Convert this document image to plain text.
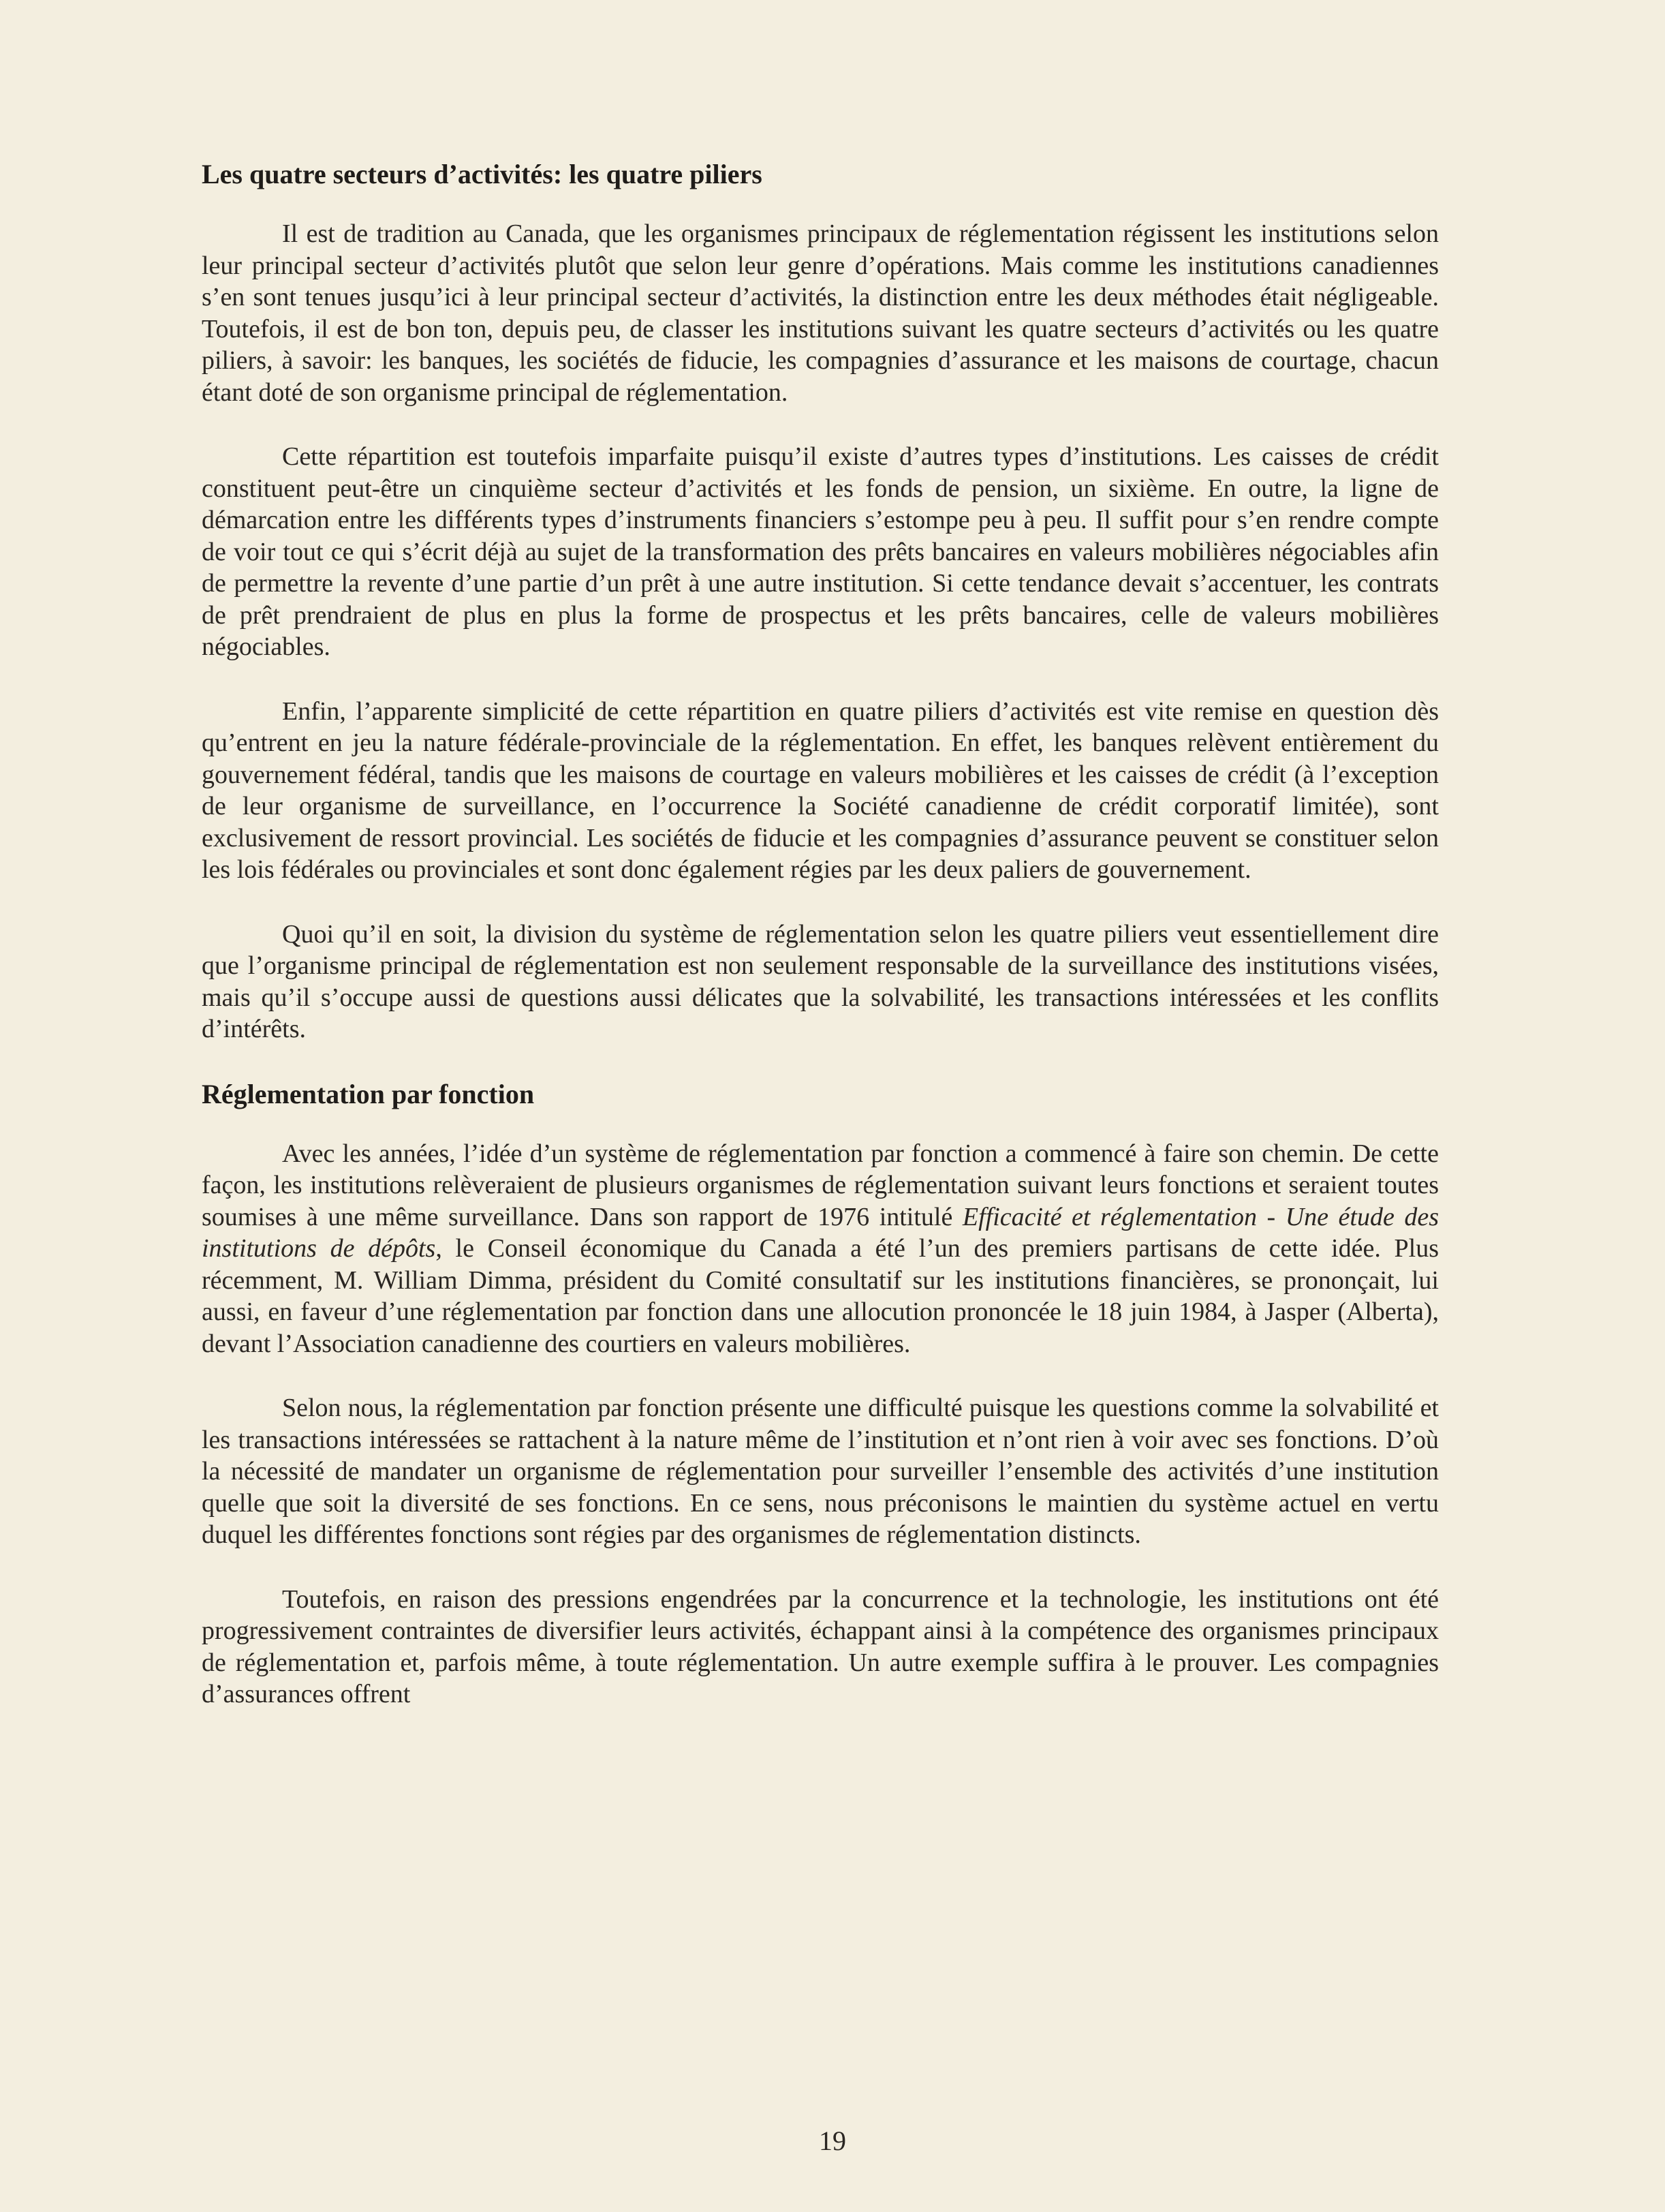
Les quatre secteurs d’activités: les quatre piliers

Il est de tradition au Canada, que les organismes principaux de réglementation régissent les institutions selon leur principal secteur d’activités plutôt que selon leur genre d’opérations. Mais comme les institutions canadiennes s’en sont tenues jusqu’ici à leur principal secteur d’activités, la distinction entre les deux méthodes était négligeable. Toutefois, il est de bon ton, depuis peu, de classer les institutions suivant les quatre secteurs d’activités ou les quatre piliers, à savoir: les banques, les sociétés de fiducie, les compagnies d’assurance et les maisons de courtage, chacun étant doté de son organisme principal de réglementation.

Cette répartition est toutefois imparfaite puisqu’il existe d’autres types d’institutions. Les caisses de crédit constituent peut-être un cinquième secteur d’activités et les fonds de pension, un sixième. En outre, la ligne de démarcation entre les différents types d’instruments financiers s’estompe peu à peu. Il suffit pour s’en rendre compte de voir tout ce qui s’écrit déjà au sujet de la transformation des prêts bancaires en valeurs mobilières négociables afin de permettre la revente d’une partie d’un prêt à une autre institution. Si cette tendance devait s’accentuer, les contrats de prêt prendraient de plus en plus la forme de prospectus et les prêts bancaires, celle de valeurs mobilières négociables.

Enfin, l’apparente simplicité de cette répartition en quatre piliers d’activités est vite remise en question dès qu’entrent en jeu la nature fédérale-provinciale de la réglementation. En effet, les banques relèvent entièrement du gouvernement fédéral, tandis que les maisons de courtage en valeurs mobilières et les caisses de crédit (à l’exception de leur organisme de surveillance, en l’occurrence la Société canadienne de crédit corporatif limitée), sont exclusivement de ressort provincial. Les sociétés de fiducie et les compagnies d’assurance peuvent se constituer selon les lois fédérales ou provinciales et sont donc également régies par les deux paliers de gouvernement.

Quoi qu’il en soit, la division du système de réglementation selon les quatre piliers veut essentiellement dire que l’organisme principal de réglementation est non seulement responsable de la surveillance des institutions visées, mais qu’il s’occupe aussi de questions aussi délicates que la solvabilité, les transactions intéressées et les conflits d’intérêts.

Réglementation par fonction

Avec les années, l’idée d’un système de réglementation par fonction a commencé à faire son chemin. De cette façon, les institutions relèveraient de plusieurs organismes de réglementation suivant leurs fonctions et seraient toutes soumises à une même surveillance. Dans son rapport de 1976 intitulé Efficacité et réglementation - Une étude des institutions de dépôts, le Conseil économique du Canada a été l’un des premiers partisans de cette idée. Plus récemment, M. William Dimma, président du Comité consultatif sur les institutions financières, se prononçait, lui aussi, en faveur d’une réglementation par fonction dans une allocution prononcée le 18 juin 1984, à Jasper (Alberta), devant l’Association canadienne des courtiers en valeurs mobilières.

Selon nous, la réglementation par fonction présente une difficulté puisque les questions comme la solvabilité et les transactions intéressées se rattachent à la nature même de l’institution et n’ont rien à voir avec ses fonctions. D’où la nécessité de mandater un organisme de réglementation pour surveiller l’ensemble des activités d’une institution quelle que soit la diversité de ses fonctions. En ce sens, nous préconisons le maintien du système actuel en vertu duquel les différentes fonctions sont régies par des organismes de réglementation distincts.

Toutefois, en raison des pressions engendrées par la concurrence et la technologie, les institutions ont été progressivement contraintes de diversifier leurs activités, échappant ainsi à la compétence des organismes principaux de réglementation et, parfois même, à toute réglementation. Un autre exemple suffira à le prouver. Les compagnies d’assurances offrent

19
